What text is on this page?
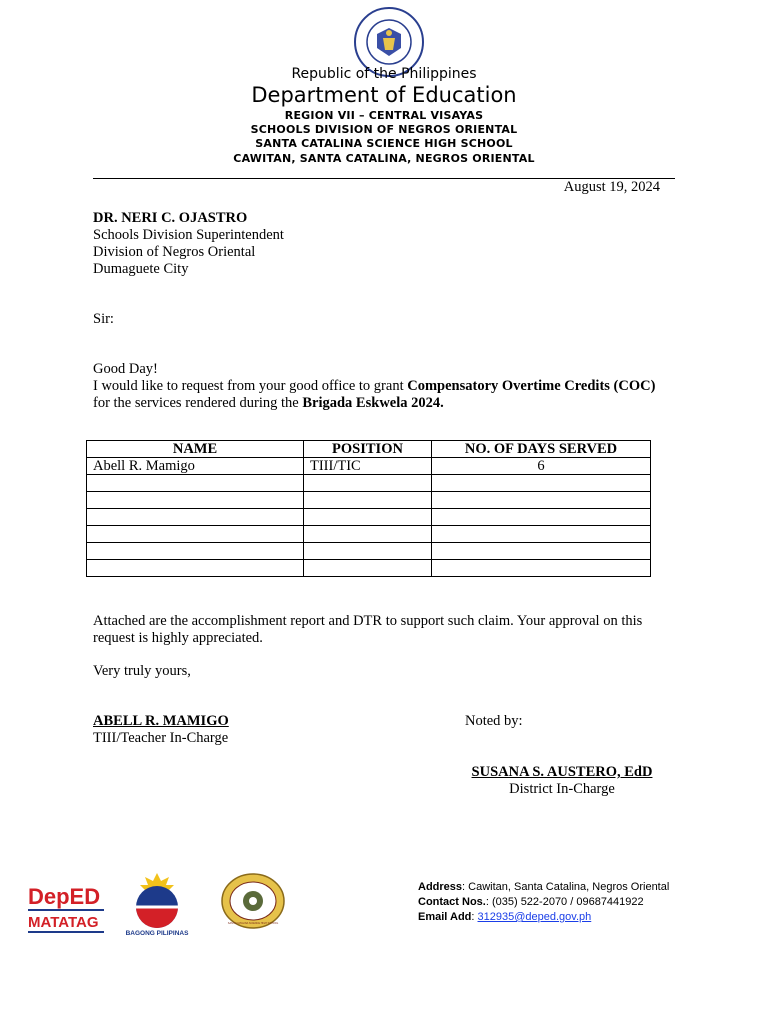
Republic of the Philippines
Department of Education
REGION VII – CENTRAL VISAYAS
SCHOOLS DIVISION OF NEGROS ORIENTAL
SANTA CATALINA SCIENCE HIGH SCHOOL
CAWITAN, SANTA CATALINA, NEGROS ORIENTAL
August 19, 2024
DR. NERI C. OJASTRO
Schools Division Superintendent
Division of Negros Oriental
Dumaguete City
Sir:
Good Day!
I would like to request from your good office to grant Compensatory Overtime Credits (COC) for the services rendered during the Brigada Eskwela 2024.
NAME	POSITION	NO. OF DAYS SERVED
Abell R. Mamigo	TIII/TIC	6

Attached are the accomplishment report and DTR to support such claim. Your approval on this request is highly appreciated.
Very truly yours,
ABELL R. MAMIGO
TIII/Teacher In-Charge
Noted by:
SUSANA S. AUSTERO, EdD
District In-Charge
DepED
MATATAG
BAGONG PILIPINAS
SANTA CATALINA SCIENCE HIGH SCHOOL
Address: Cawitan, Santa Catalina, Negros Oriental
Contact Nos.: (035) 522-2070 / 09687441922
Email Add: 312935@deped.gov.ph
